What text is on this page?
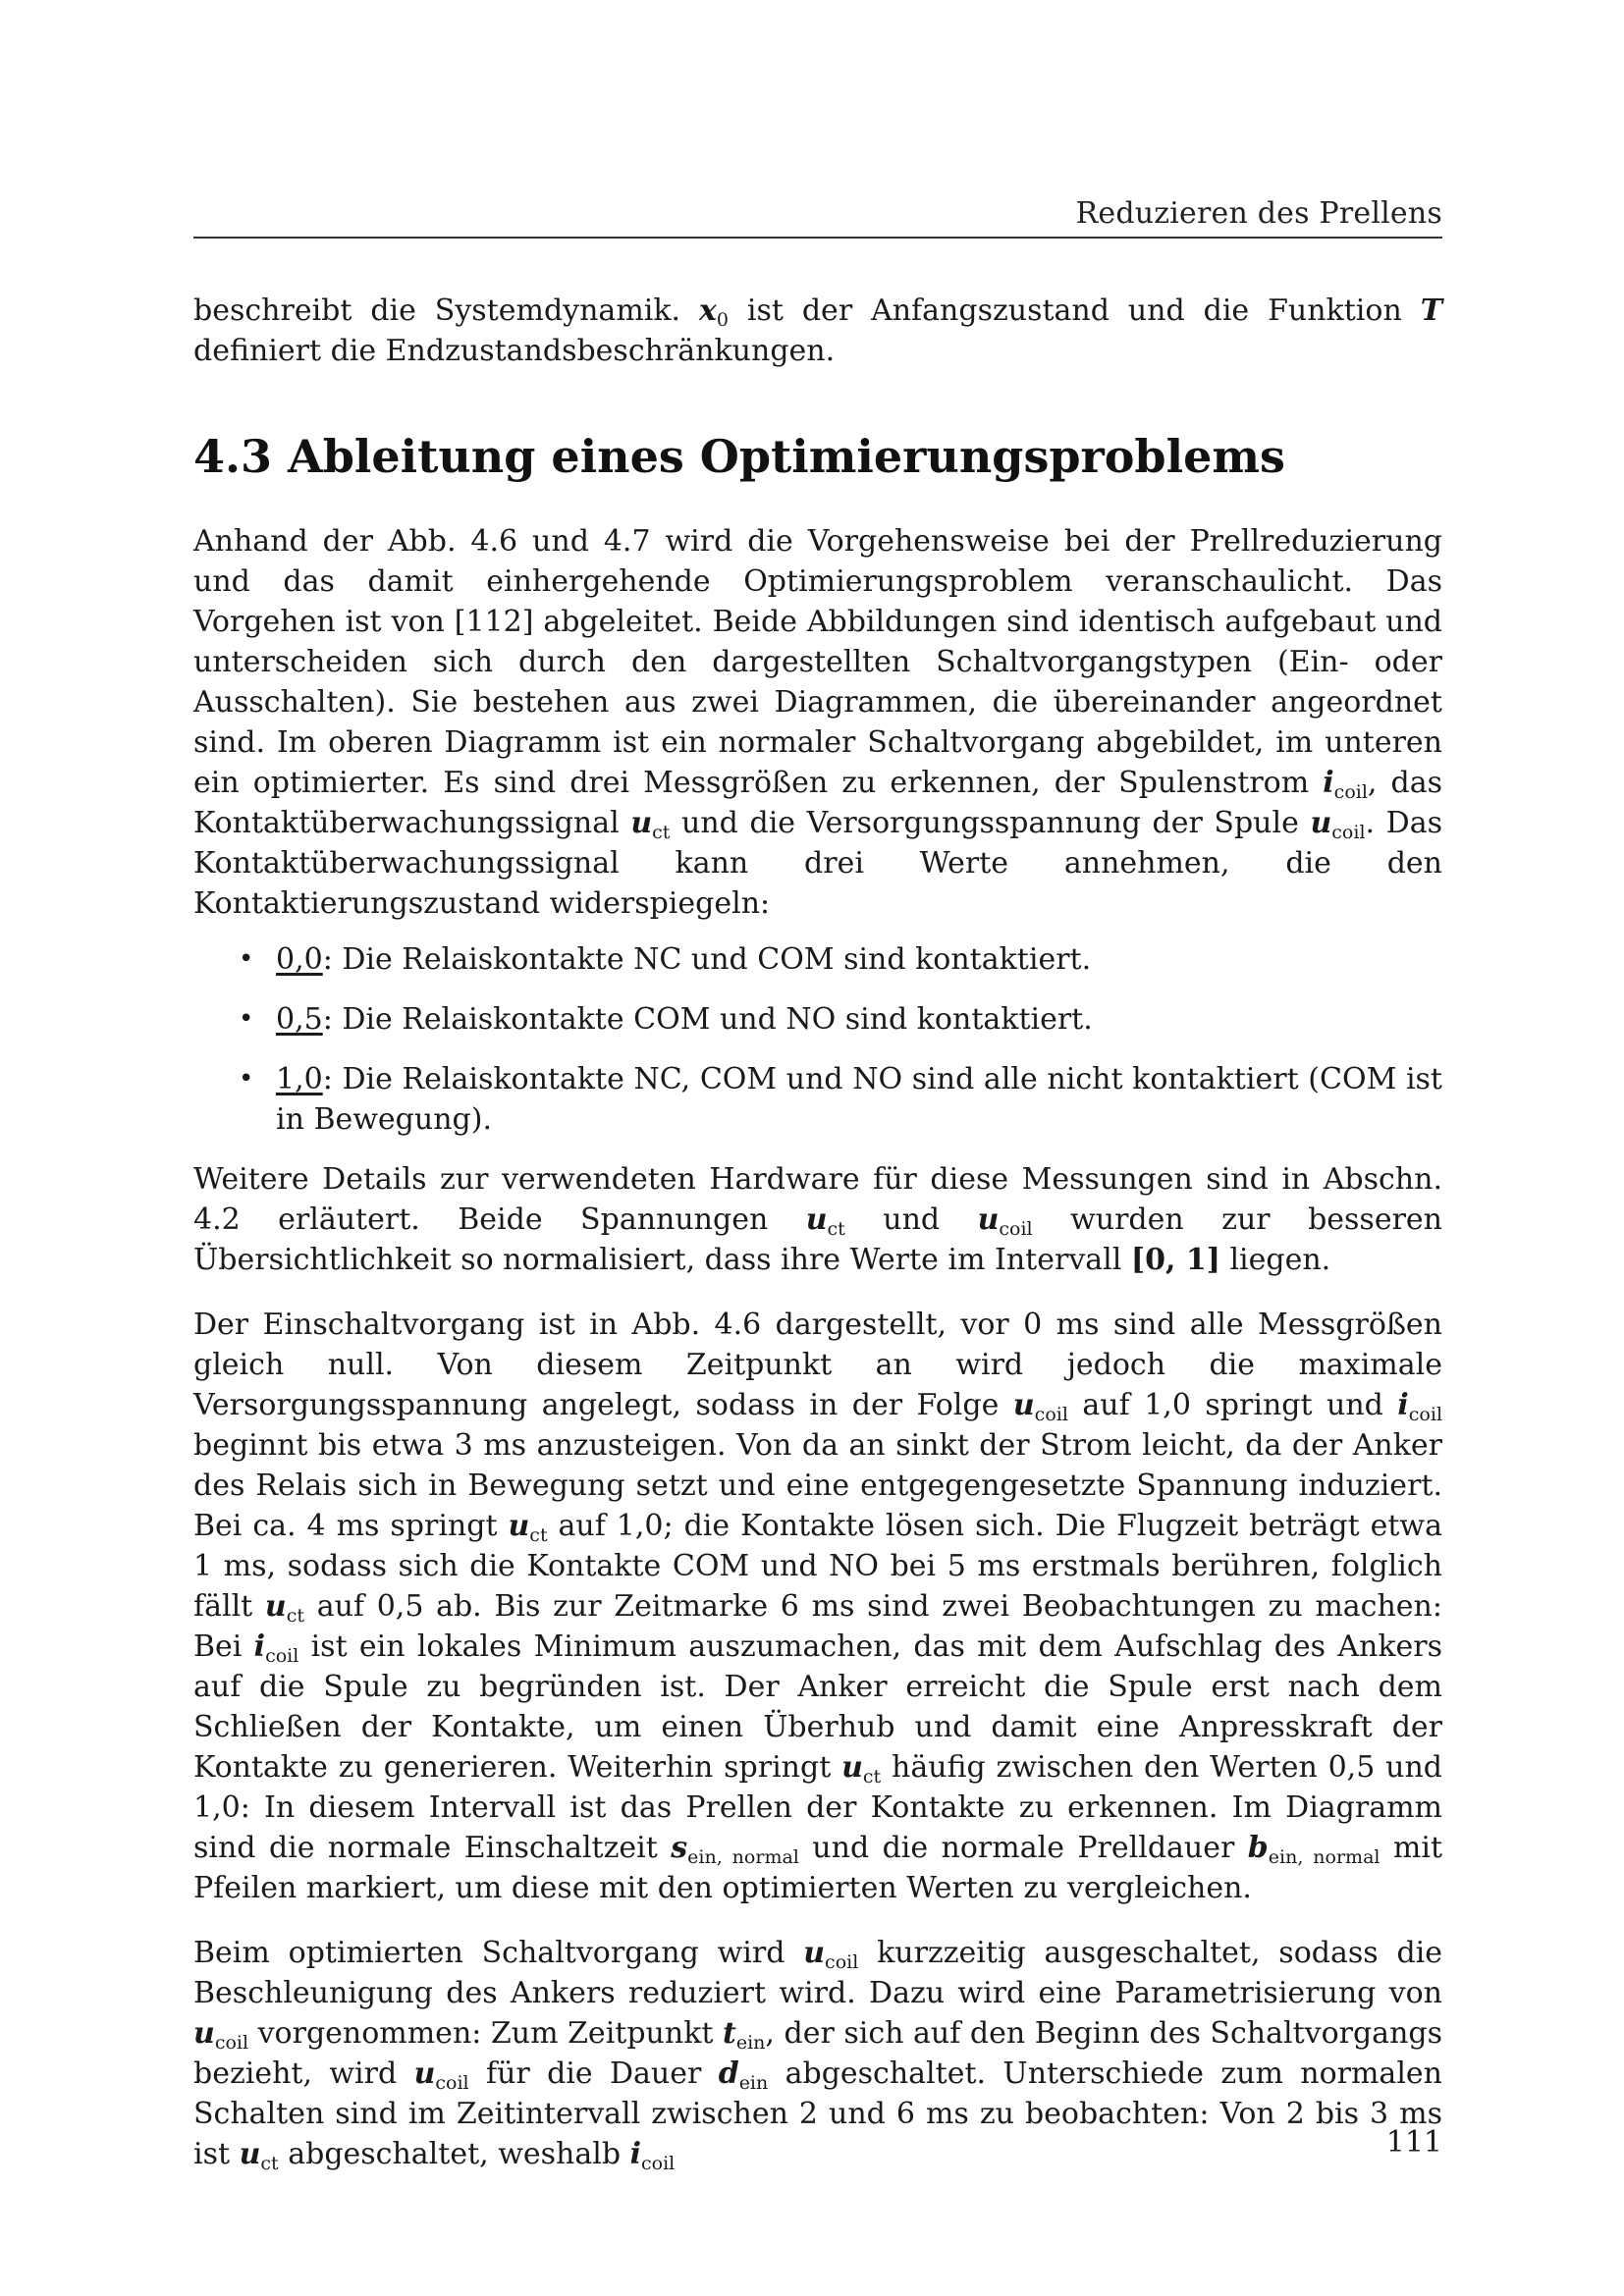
Reduzieren des Prellens

beschreibt die Systemdynamik. $x_0$ ist der Anfangszustand und die Funktion T definiert die Endzustandsbeschränkungen.

4.3 Ableitung eines Optimierungsproblems

Anhand der Abb. 4.6 und 4.7 wird die Vorgehensweise bei der Prellreduzierung und das damit einhergehende Optimierungsproblem veranschaulicht. Das Vorgehen ist von [112] abgeleitet. Beide Abbildungen sind identisch aufgebaut und unterscheiden sich durch den dargestellten Schaltvorgangstypen (Ein- oder Ausschalten). Sie bestehen aus zwei Diagrammen, die übereinander angeordnet sind. Im oberen Diagramm ist ein normaler Schaltvorgang abgebildet, im unteren ein optimierter. Es sind drei Messgrößen zu erkennen, der Spulenstrom $i_{coil}$, das Kontaktüberwachungssignal $u_{ct}$ und die Versorgungsspannung der Spule $u_{coil}$. Das Kontaktüberwachungssignal kann drei Werte annehmen, die den Kontaktierungszustand widerspiegeln:

• 0,0: Die Relaiskontakte NC und COM sind kontaktiert.
• 0,5: Die Relaiskontakte COM und NO sind kontaktiert.
• 1,0: Die Relaiskontakte NC, COM und NO sind alle nicht kontaktiert (COM ist in Bewegung).

Weitere Details zur verwendeten Hardware für diese Messungen sind in Abschn. 4.2 erläutert. Beide Spannungen $u_{ct}$ und $u_{coil}$ wurden zur besseren Übersichtlichkeit so normalisiert, dass ihre Werte im Intervall [0, 1] liegen.

Der Einschaltvorgang ist in Abb. 4.6 dargestellt, vor 0 ms sind alle Messgrößen gleich null. Von diesem Zeitpunkt an wird jedoch die maximale Versorgungsspannung angelegt, sodass in der Folge $u_{coil}$ auf 1,0 springt und $i_{coil}$ beginnt bis etwa 3 ms anzusteigen. Von da an sinkt der Strom leicht, da der Anker des Relais sich in Bewegung setzt und eine entgegengesetzte Spannung induziert. Bei ca. 4 ms springt $u_{ct}$ auf 1,0; die Kontakte lösen sich. Die Flugzeit beträgt etwa 1 ms, sodass sich die Kontakte COM und NO bei 5 ms erstmals berühren, folglich fällt $u_{ct}$ auf 0,5 ab. Bis zur Zeitmarke 6 ms sind zwei Beobachtungen zu machen: Bei $i_{coil}$ ist ein lokales Minimum auszumachen, das mit dem Aufschlag des Ankers auf die Spule zu begründen ist. Der Anker erreicht die Spule erst nach dem Schließen der Kontakte, um einen Überhub und damit eine Anpresskraft der Kontakte zu generieren. Weiterhin springt $u_{ct}$ häufig zwischen den Werten 0,5 und 1,0: In diesem Intervall ist das Prellen der Kontakte zu erkennen. Im Diagramm sind die normale Einschaltzeit $s_{ein, normal}$ und die normale Prelldauer $b_{ein, normal}$ mit Pfeilen markiert, um diese mit den optimierten Werten zu vergleichen.

Beim optimierten Schaltvorgang wird $u_{coil}$ kurzzeitig ausgeschaltet, sodass die Beschleunigung des Ankers reduziert wird. Dazu wird eine Parametrisierung von $u_{coil}$ vorgenommen: Zum Zeitpunkt $t_{ein}$, der sich auf den Beginn des Schaltvorgangs bezieht, wird $u_{coil}$ für die Dauer $d_{ein}$ abgeschaltet. Unterschiede zum normalen Schalten sind im Zeitintervall zwischen 2 und 6 ms zu beobachten: Von 2 bis 3 ms ist $u_{ct}$ abgeschaltet, weshalb $i_{coil}$

111
